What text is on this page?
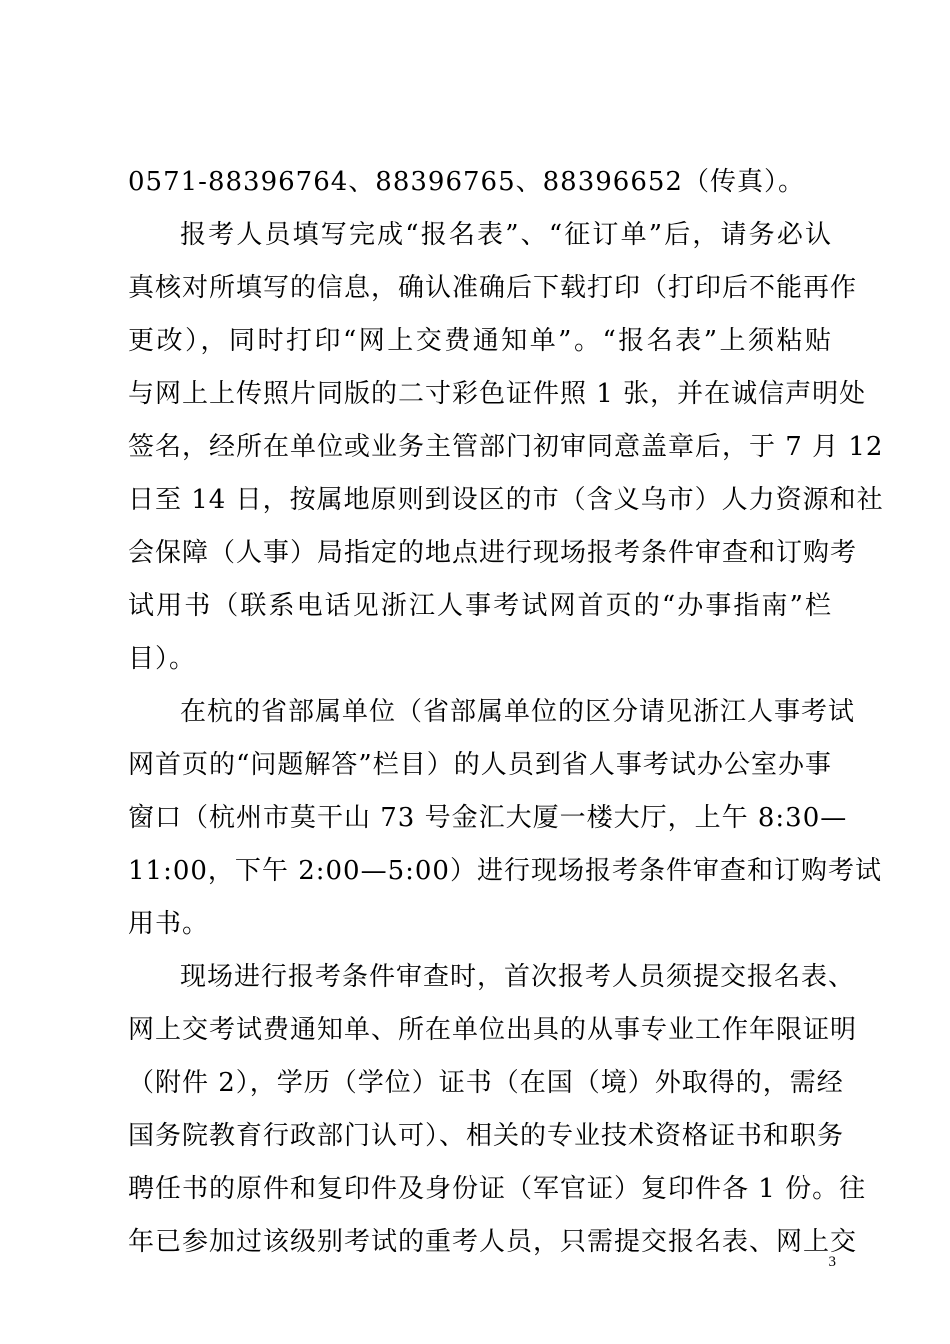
0571-88396764、88396765、88396652（传真）。
报考人员填写完成“报名表”、“征订单”后，请务必认
真核对所填写的信息，确认准确后下载打印（打印后不能再作
更改），同时打印“网上交费通知单”。“报名表”上须粘贴
与网上上传照片同版的二寸彩色证件照 1 张，并在诚信声明处
签名，经所在单位或业务主管部门初审同意盖章后，于 7 月 12
日至 14 日，按属地原则到设区的市（含义乌市）人力资源和社
会保障（人事）局指定的地点进行现场报考条件审查和订购考
试用书（联系电话见浙江人事考试网首页的“办事指南”栏
目）。
在杭的省部属单位（省部属单位的区分请见浙江人事考试
网首页的“问题解答”栏目）的人员到省人事考试办公室办事
窗口（杭州市莫干山 73 号金汇大厦一楼大厅，上午 8:30—
11:00，下午 2:00—5:00）进行现场报考条件审查和订购考试
用书。
现场进行报考条件审查时，首次报考人员须提交报名表、
网上交考试费通知单、所在单位出具的从事专业工作年限证明
（附件 2），学历（学位）证书（在国（境）外取得的，需经
国务院教育行政部门认可）、相关的专业技术资格证书和职务
聘任书的原件和复印件及身份证（军官证）复印件各 1 份。往
年已参加过该级别考试的重考人员，只需提交报名表、网上交
3
